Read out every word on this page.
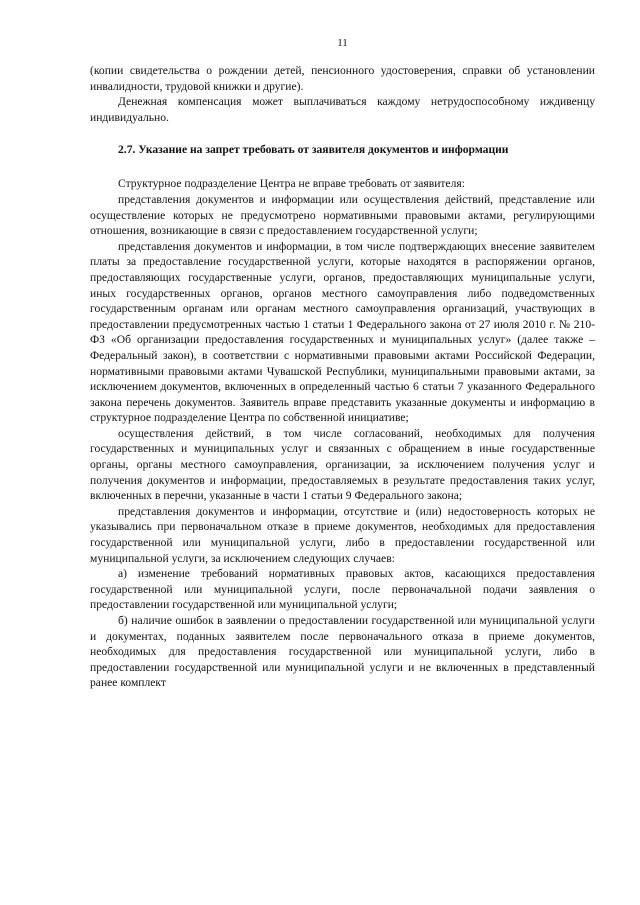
11

(копии свидетельства о рождении детей, пенсионного удостоверения, справки об установлении инвалидности, трудовой книжки и другие).

Денежная компенсация может выплачиваться каждому нетрудоспособному иждивенцу индивидуально.

2.7. Указание на запрет требовать от заявителя документов и информации

Структурное подразделение Центра не вправе требовать от заявителя:

представления документов и информации или осуществления действий, представление или осуществление которых не предусмотрено нормативными правовыми актами, регулирующими отношения, возникающие в связи с предоставлением государственной услуги;

представления документов и информации, в том числе подтверждающих внесение заявителем платы за предоставление государственной услуги, которые находятся в распоряжении органов, предоставляющих государственные услуги, органов, предоставляющих муниципальные услуги, иных государственных органов, органов местного самоуправления либо подведомственных государственным органам или органам местного самоуправления организаций, участвующих в предоставлении предусмотренных частью 1 статьи 1 Федерального закона от 27 июля 2010 г. № 210-ФЗ «Об организации предоставления государственных и муниципальных услуг» (далее также – Федеральный закон), в соответствии с нормативными правовыми актами Российской Федерации, нормативными правовыми актами Чувашской Республики, муниципальными правовыми актами, за исключением документов, включенных в определенный частью 6 статьи 7 указанного Федерального закона перечень документов. Заявитель вправе представить указанные документы и информацию в структурное подразделение Центра по собственной инициативе;

осуществления действий, в том числе согласований, необходимых для получения государственных и муниципальных услуг и связанных с обращением в иные государственные органы, органы местного самоуправления, организации, за исключением получения услуг и получения документов и информации, предоставляемых в результате предоставления таких услуг, включенных в перечни, указанные в части 1 статьи 9 Федерального закона;

представления документов и информации, отсутствие и (или) недостоверность которых не указывались при первоначальном отказе в приеме документов, необходимых для предоставления государственной или муниципальной услуги, либо в предоставлении государственной или муниципальной услуги, за исключением следующих случаев:

а) изменение требований нормативных правовых актов, касающихся предоставления государственной или муниципальной услуги, после первоначальной подачи заявления о предоставлении государственной или муниципальной услуги;

б) наличие ошибок в заявлении о предоставлении государственной или муниципальной услуги и документах, поданных заявителем после первоначального отказа в приеме документов, необходимых для предоставления государственной или муниципальной услуги, либо в предоставлении государственной или муниципальной услуги и не включенных в представленный ранее комплект
